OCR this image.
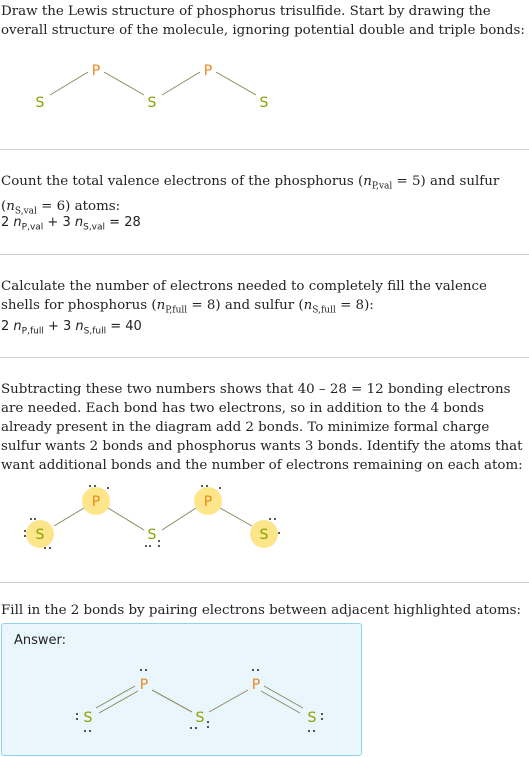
Draw the Lewis structure of phosphorus trisulfide. Start by drawing the overall structure of the molecule, ignoring potential double and triple bonds:
S
P
S
P
S
Count the total valence electrons of the phosphorus $(n_{P,val} = 5)$ and sulfur $(n_{S,val} = 6)$ atoms:
2 $n_{P,val} + 3$ $n_{S,val} = 28$
Calculate the number of electrons needed to completely fill the valence shells for phosphorus $(n_{P,full} = 8)$ and sulfur $(n_{S,full} = 8)$:
2 $n_{P,full} + 3$ $n_{S,full} = 40$
Subtracting these two numbers shows that 40 – 28 = 12 bonding electrons are needed. Each bond has two electrons, so in addition to the 4 bonds already present in the diagram add 2 bonds. To minimize formal charge sulfur wants 2 bonds and phosphorus wants 3 bonds. Identify the atoms that want additional bonds and the number of electrons remaining on each atom:
S
P
S
P
S
Fill in the 2 bonds by pairing electrons between adjacent highlighted atoms:
Answer:
S
P
S
P
S
